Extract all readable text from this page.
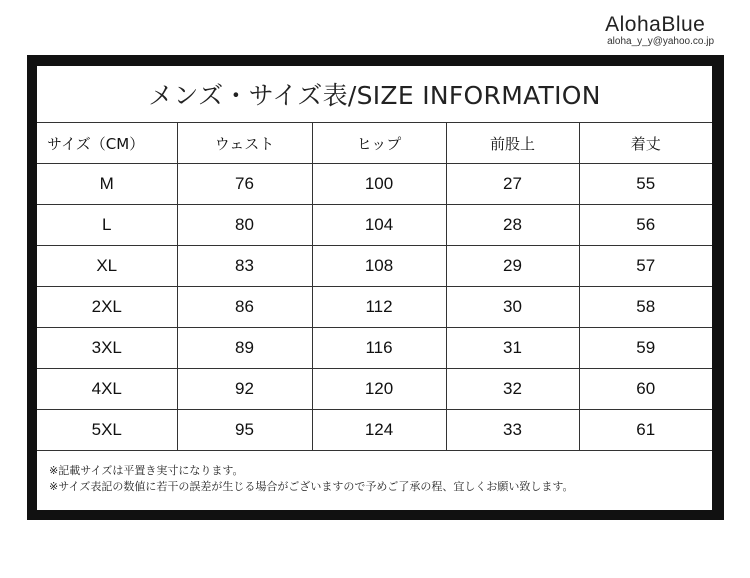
AlohaBlue
aloha_y_y@yahoo.co.jp
メンズ・サイズ表/SIZE INFORMATION
サイズ（CM）	ウェスト	ヒップ	前股上	着丈
M	76	100	27	55
L	80	104	28	56
XL	83	108	29	57
2XL	86	112	30	58
3XL	89	116	31	59
4XL	92	120	32	60
5XL	95	124	33	61
※記載サイズは平置き実寸になります。
※サイズ表記の数値に若干の誤差が生じる場合がございますので予めご了承の程、宜しくお願い致します。
